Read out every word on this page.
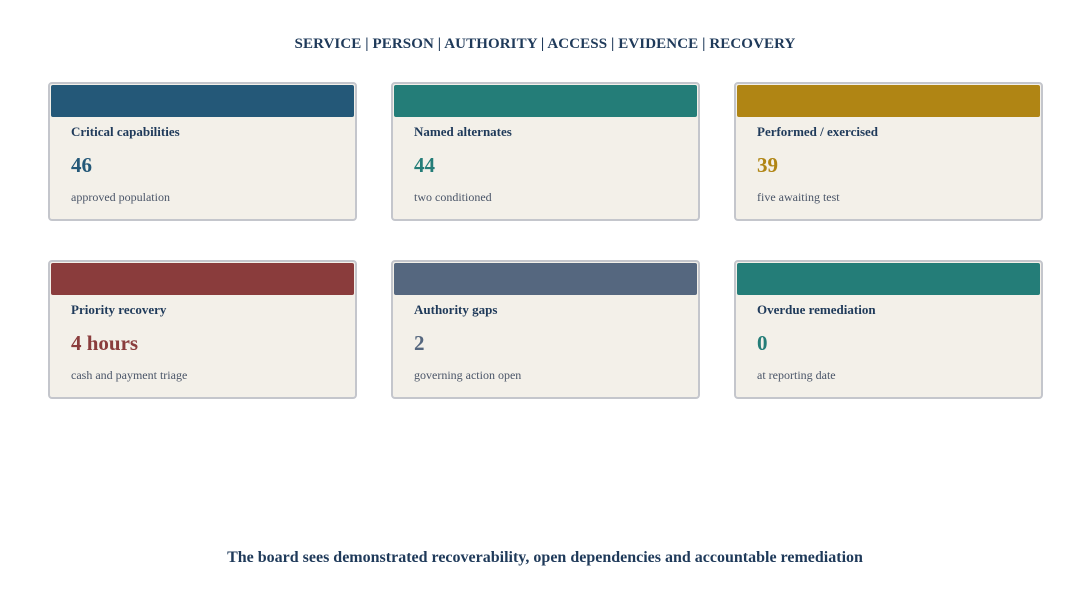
SERVICE | PERSON | AUTHORITY | ACCESS | EVIDENCE | RECOVERY
Critical capabilities
46
approved population
Named alternates
44
two conditioned
Performed / exercised
39
five awaiting test
Priority recovery
4 hours
cash and payment triage
Authority gaps
2
governing action open
Overdue remediation
0
at reporting date
The board sees demonstrated recoverability, open dependencies and accountable remediation
